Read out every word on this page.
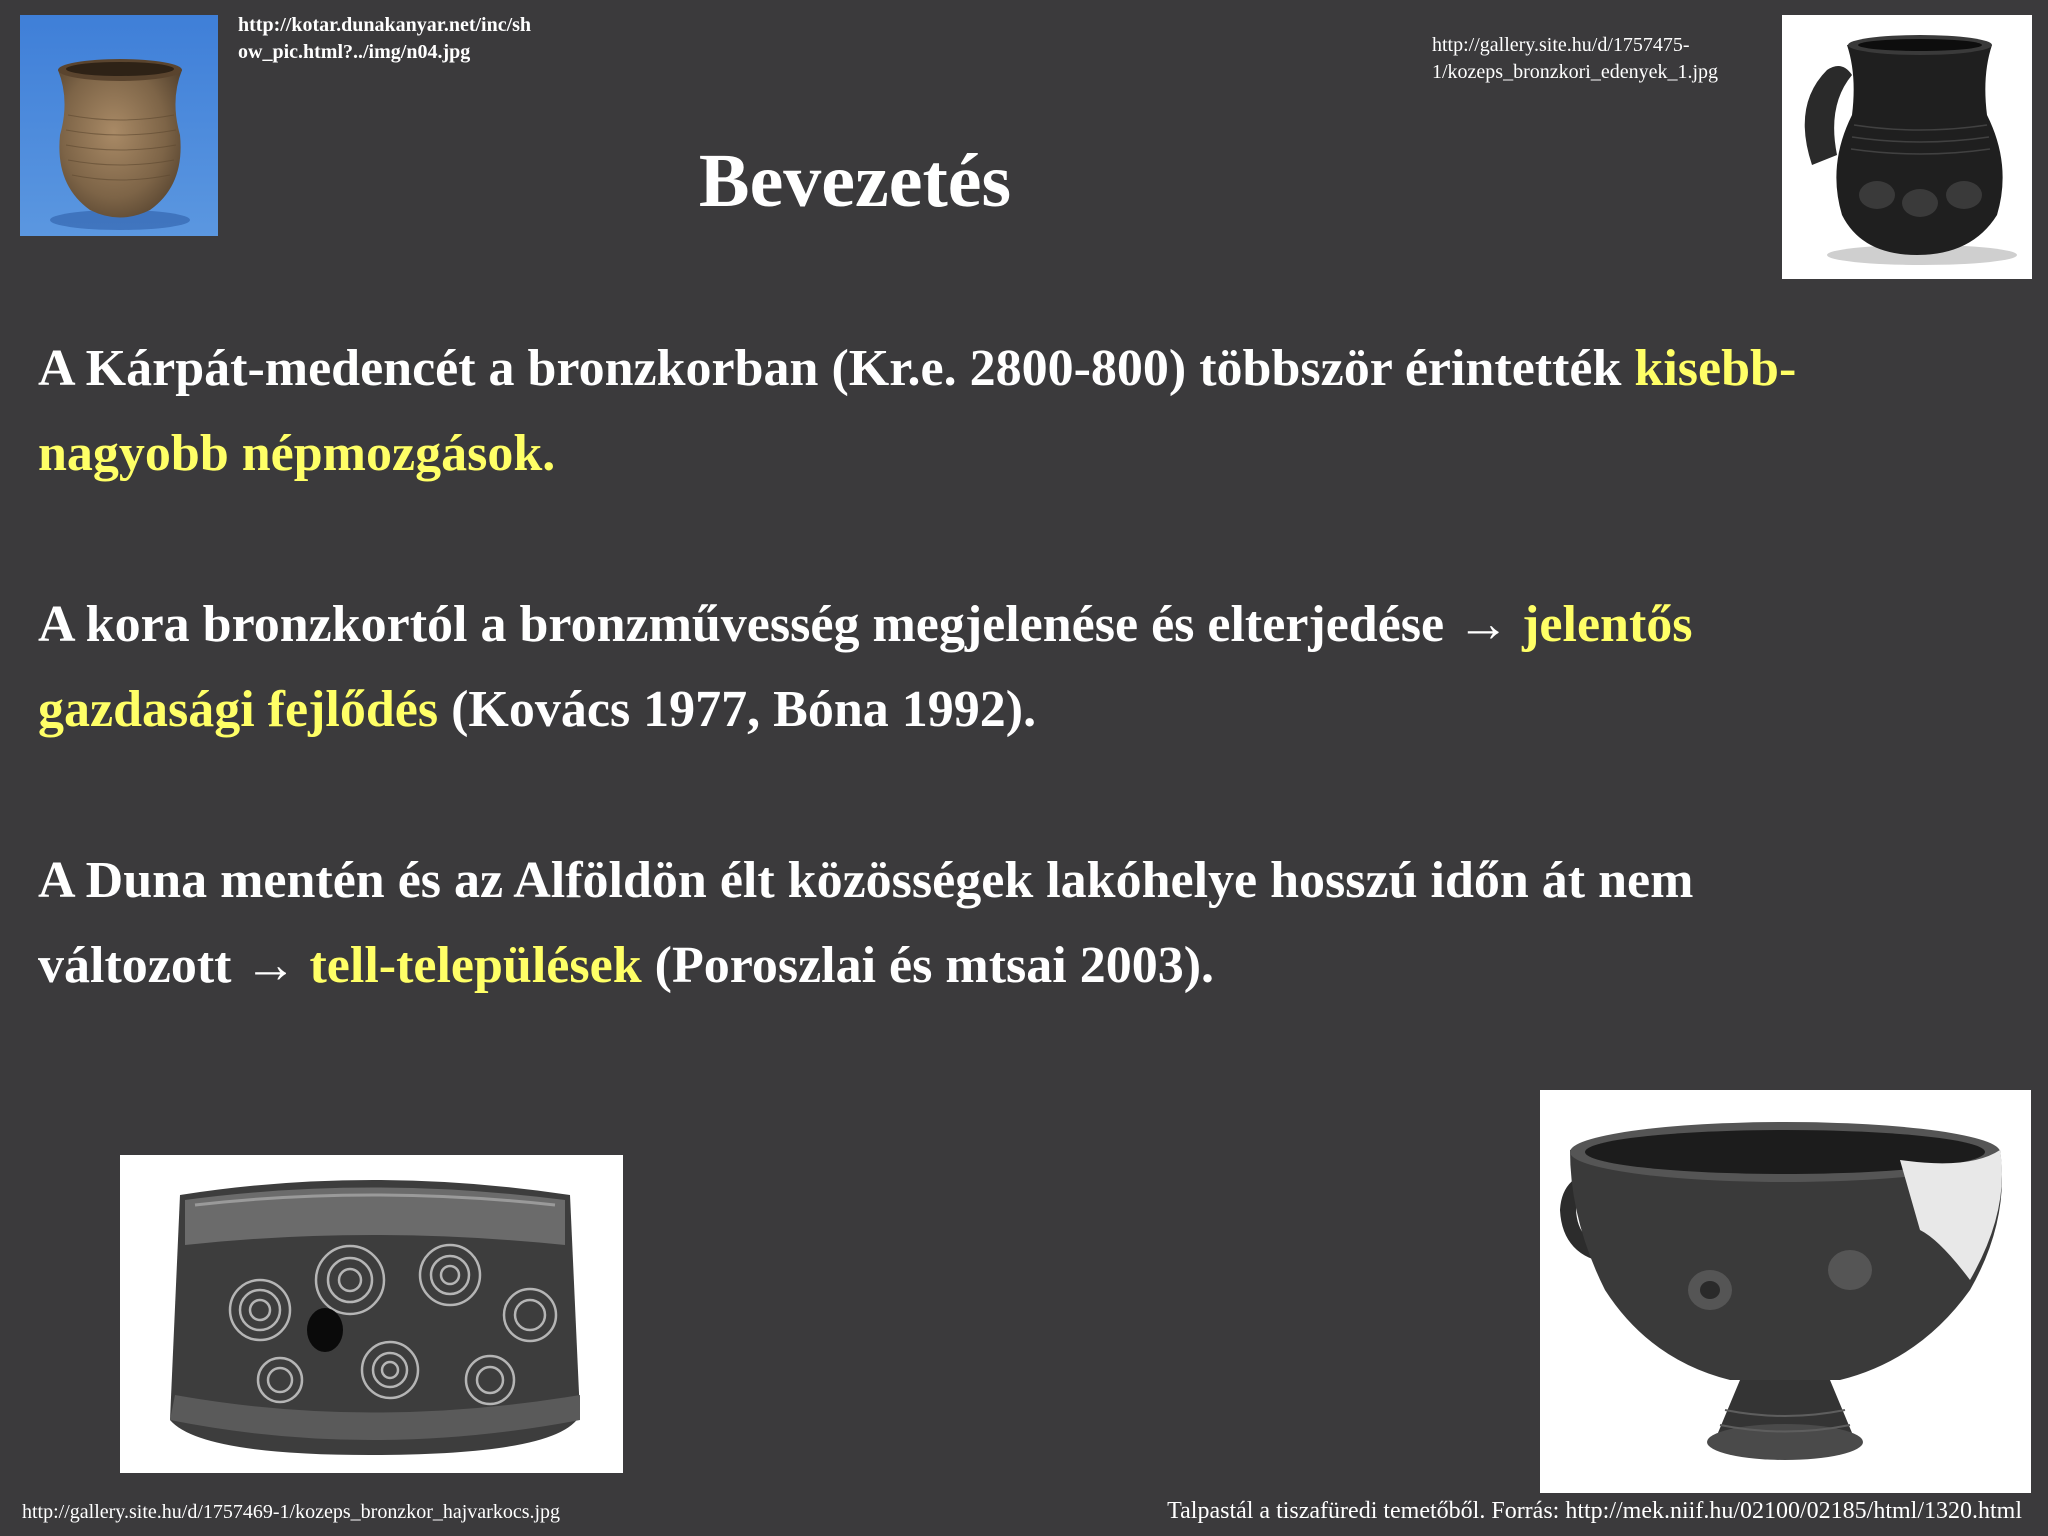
http://kotar.dunakanyar.net/inc/sh
ow_pic.html?../img/n04.jpg	http://gallery.site.hu/d/1757475-
1/kozeps_bronzkori_edenyek_1.jpg
Bevezetés
A Kárpát-medencét a bronzkorban (Kr.e. 2800-800) többször érintették kisebb-
nagyobb népmozgások.
A kora bronzkortól a bronzművesség megjelenése és elterjedése → jelentős
gazdasági fejlődés (Kovács 1977, Bóna 1992).
A Duna mentén és az Alföldön élt közösségek lakóhelye hosszú időn át nem
változott → tell-települések (Poroszlai és mtsai 2003).
http://gallery.site.hu/d/1757469-1/kozeps_bronzkor_hajvarkocs.jpg	Talpastál a tiszafüredi temetőből. Forrás: http://mek.niif.hu/02100/02185/html/1320.html
